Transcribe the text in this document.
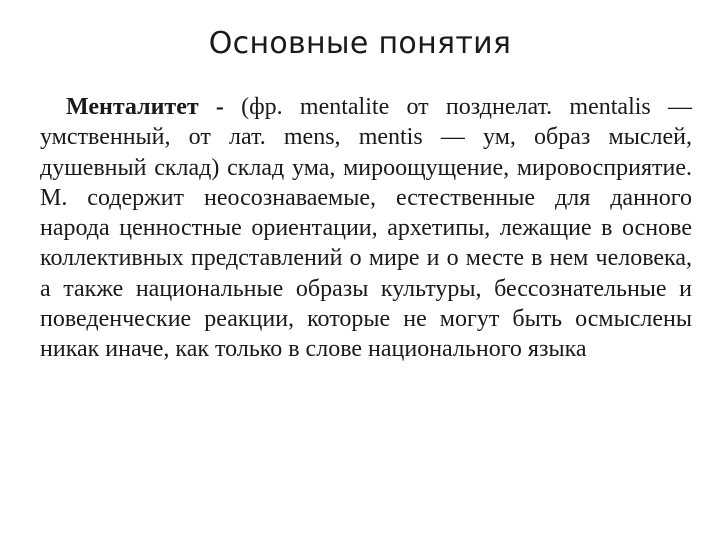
Основные понятия

Менталитет - (фр. mentalite от позднелат. mentalis — умственный, от лат. mens, mentis — ум, образ мыслей, душевный склад) склад ума, мироощущение, мировосприятие. М. содержит неосознаваемые, естественные для данного народа ценностные ориентации, архетипы, лежащие в основе коллективных представлений о мире и о месте в нем человека, а также национальные образы культуры, бессознательные и поведенческие реакции, которые не могут быть осмыслены никак иначе, как только в слове национального языка
